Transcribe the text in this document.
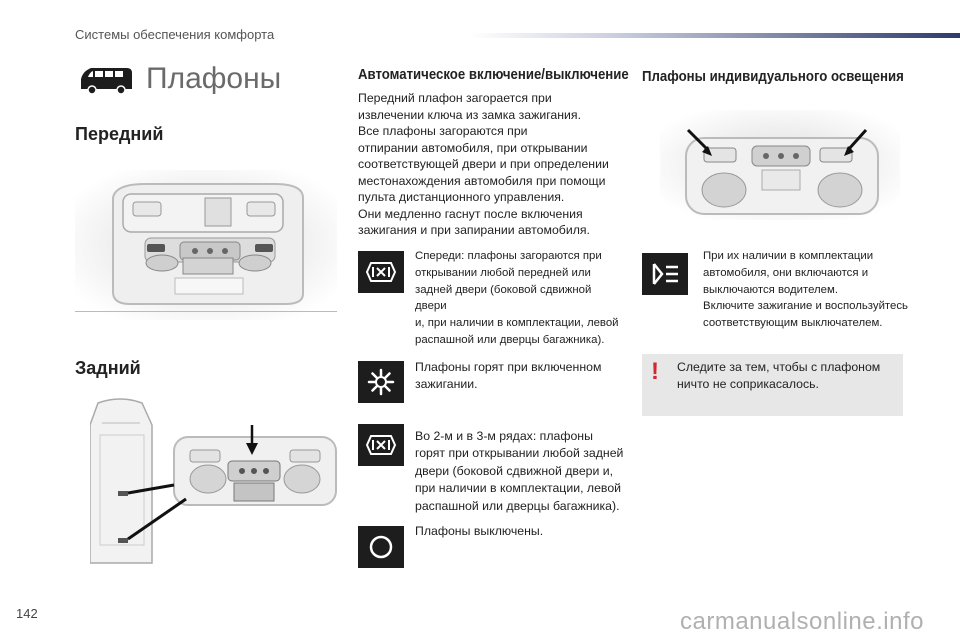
Системы обеспечения комфорта
Плафоны
Передний
Задний
Автоматическое включение/выключение
Передний плафон загорается при
извлечении ключа из замка зажигания.
Все плафоны загораются при
отпирании автомобиля, при открывании
соответствующей двери и при определении
местонахождения автомобиля при помощи
пульта дистанционного управления.
Они медленно гаснут после включения
зажигания и при запирании автомобиля.
Спереди: плафоны загораются при
открывании любой передней или
задней двери (боковой сдвижной двери
и, при наличии в комплектации, левой
распашной или дверцы багажника).
Плафоны горят при включенном
зажигании.
Во 2-м и в 3-м рядах: плафоны
горят при открывании любой задней
двери (боковой сдвижной двери и,
при наличии в комплектации, левой
распашной или дверцы багажника).
Плафоны выключены.
Плафоны индивидуального освещения
При их наличии в комплектации
автомобиля, они включаются и
выключаются водителем.
Включите зажигание и воспользуйтесь
соответствующим выключателем.
! Следите за тем, чтобы с плафоном
ничто не соприкасалось.
142	carmanualsonline.info
